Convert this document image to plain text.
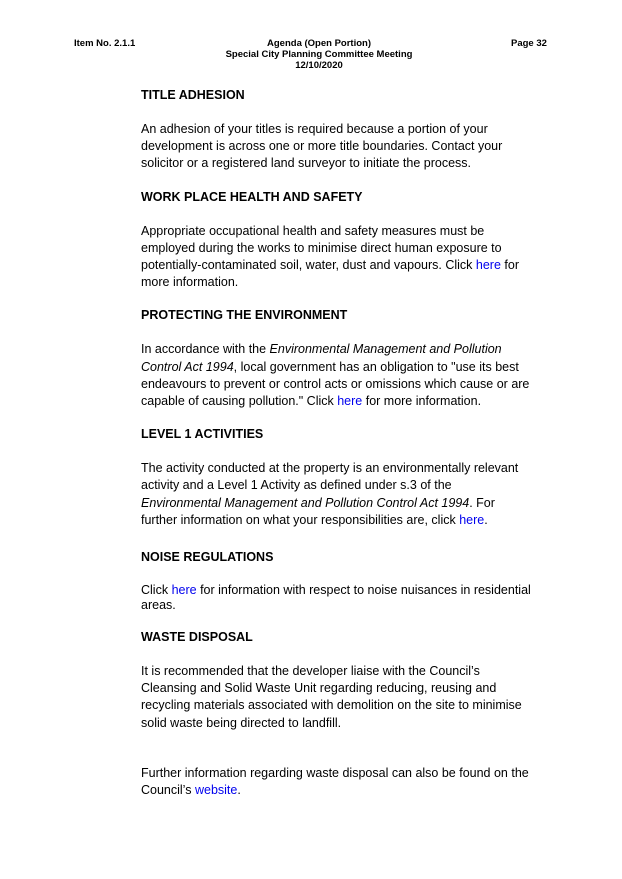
Item No. 2.1.1	Agenda (Open Portion)
Special City Planning Committee Meeting
12/10/2020
Page 32
TITLE ADHESION

An adhesion of your titles is required because a portion of your development is across one or more title boundaries. Contact your solicitor or a registered land surveyor to initiate the process.

WORK PLACE HEALTH AND SAFETY

Appropriate occupational health and safety measures must be employed during the works to minimise direct human exposure to potentially-contaminated soil, water, dust and vapours. Click here for more information.

PROTECTING THE ENVIRONMENT

In accordance with the Environmental Management and Pollution Control Act 1994, local government has an obligation to "use its best endeavours to prevent or control acts or omissions which cause or are capable of causing pollution." Click here for more information.

LEVEL 1 ACTIVITIES

The activity conducted at the property is an environmentally relevant activity and a Level 1 Activity as defined under s.3 of the Environmental Management and Pollution Control Act 1994. For further information on what your responsibilities are, click here.

NOISE REGULATIONS

Click here for information with respect to noise nuisances in residential areas.

WASTE DISPOSAL

It is recommended that the developer liaise with the Council’s Cleansing and Solid Waste Unit regarding reducing, reusing and recycling materials associated with demolition on the site to minimise solid waste being directed to landfill.

Further information regarding waste disposal can also be found on the Council’s website.
